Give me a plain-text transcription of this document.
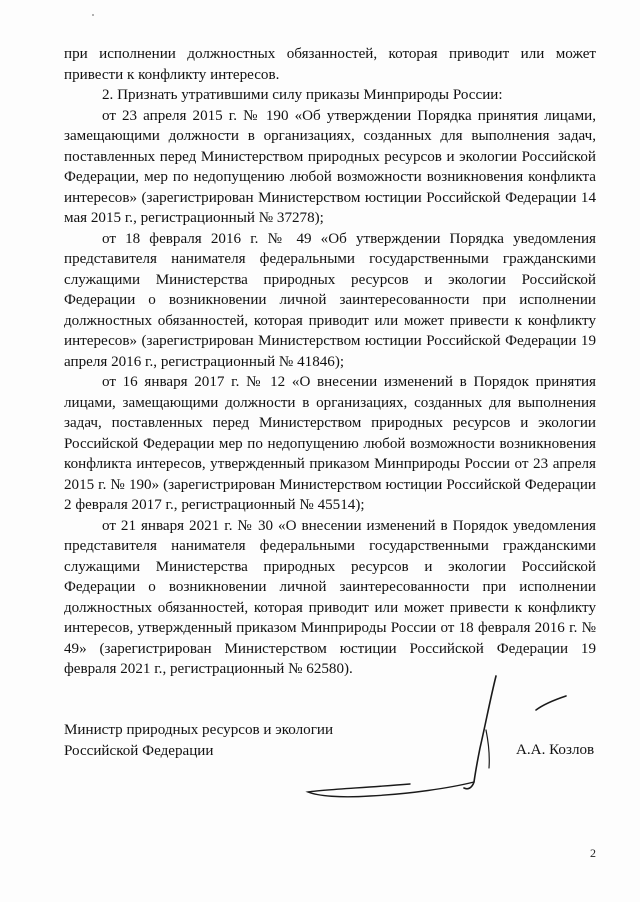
при исполнении должностных обязанностей, которая приводит или может привести к конфликту интересов.

2. Признать утратившими силу приказы Минприроды России:

от 23 апреля 2015 г. № 190 «Об утверждении Порядка принятия лицами, замещающими должности в организациях, созданных для выполнения задач, поставленных перед Министерством природных ресурсов и экологии Российской Федерации, мер по недопущению любой возможности возникновения конфликта интересов» (зарегистрирован Министерством юстиции Российской Федерации 14 мая 2015 г., регистрационный № 37278);

от 18 февраля 2016 г. № 49 «Об утверждении Порядка уведомления представителя нанимателя федеральными государственными гражданскими служащими Министерства природных ресурсов и экологии Российской Федерации о возникновении личной заинтересованности при исполнении должностных обязанностей, которая приводит или может привести к конфликту интересов» (зарегистрирован Министерством юстиции Российской Федерации 19 апреля 2016 г., регистрационный № 41846);

от 16 января 2017 г. № 12 «О внесении изменений в Порядок принятия лицами, замещающими должности в организациях, созданных для выполнения задач, поставленных перед Министерством природных ресурсов и экологии Российской Федерации мер по недопущению любой возможности возникновения конфликта интересов, утвержденный приказом Минприроды России от 23 апреля 2015 г. № 190» (зарегистрирован Министерством юстиции Российской Федерации 2 февраля 2017 г., регистрационный № 45514);

от 21 января 2021 г. № 30 «О внесении изменений в Порядок уведомления представителя нанимателя федеральными государственными гражданскими служащими Министерства природных ресурсов и экологии Российской Федерации о возникновении личной заинтересованности при исполнении должностных обязанностей, которая приводит или может привести к конфликту интересов, утвержденный приказом Минприроды России от 18 февраля 2016 г. № 49» (зарегистрирован Министерством юстиции Российской Федерации 19 февраля 2021 г., регистрационный № 62580).

Министр природных ресурсов и экологии
Российской Федерации	А.А. Козлов
2
